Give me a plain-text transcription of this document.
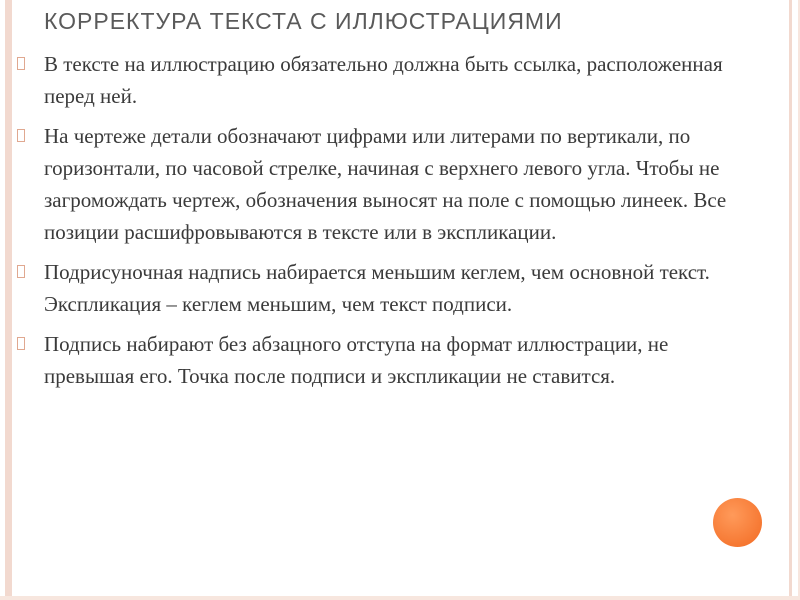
КОРРЕКТУРА ТЕКСТА С ИЛЛЮСТРАЦИЯМИ
В тексте на иллюстрацию обязательно должна быть ссылка, расположенная перед ней.
На чертеже детали обозначают цифрами или литерами по вертикали, по горизонтали, по часовой стрелке, начиная с верхнего левого угла. Чтобы не загромождать чертеж, обозначения выносят на поле с помощью линеек. Все позиции расшифровываются в тексте или в экспликации.
Подрисуночная надпись набирается меньшим кеглем, чем основной текст. Экспликация – кеглем меньшим, чем текст подписи.
Подпись набирают без абзацного отступа на формат иллюстрации, не превышая его. Точка после подписи и экспликации не ставится.
